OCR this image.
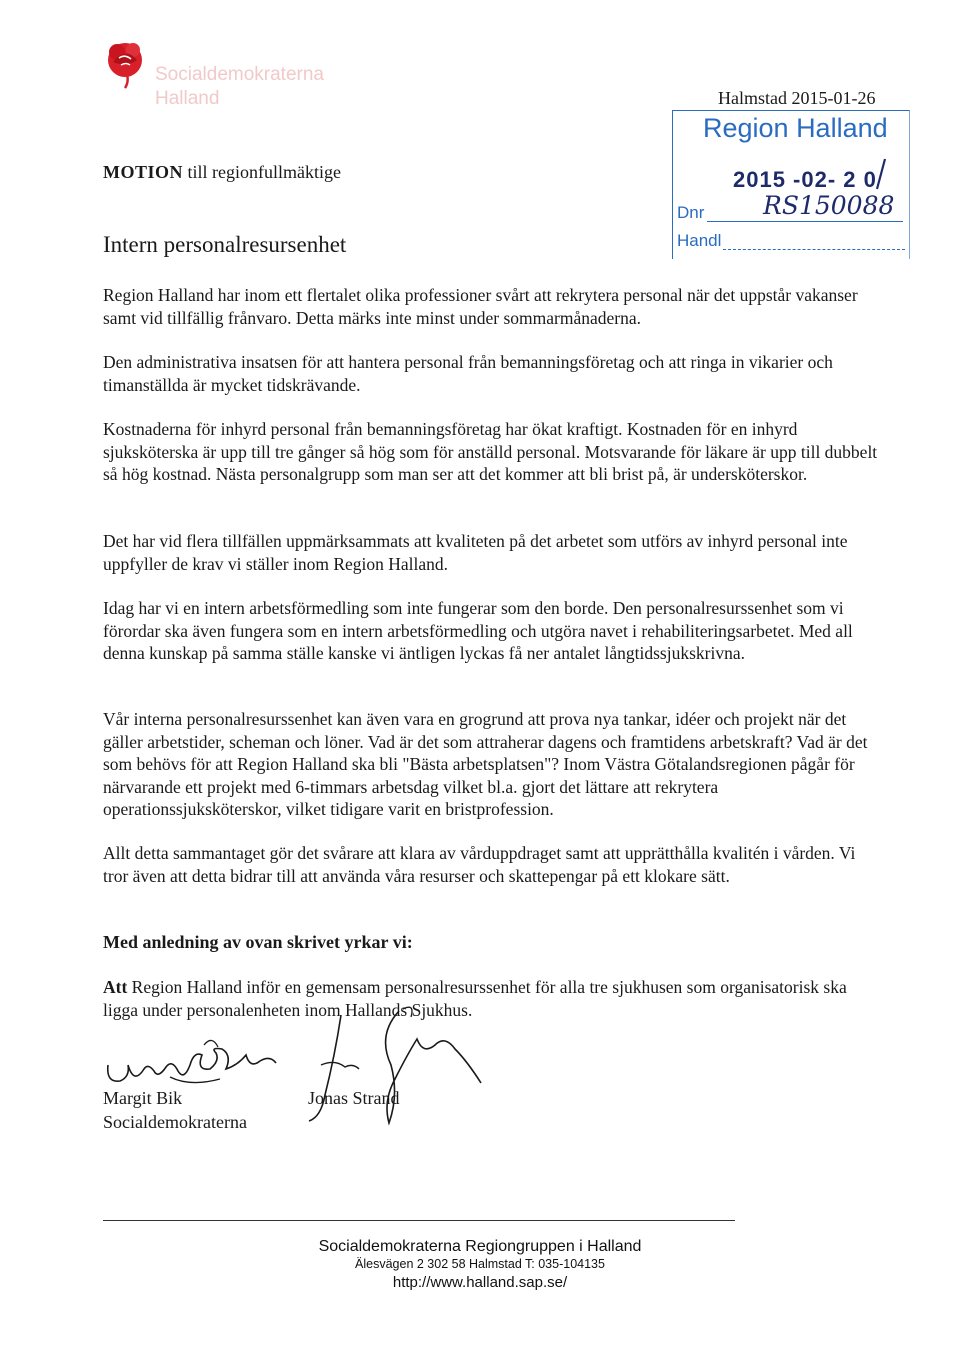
Socialdemokraterna
Halland	Halmstad 2015-01-26
Region Halland
2015 -02- 2 0
Dnr RS150088
Handl
MOTION till regionfullmäktige
Intern personalresursenhet

Region Halland har inom ett flertalet olika professioner svårt att rekrytera personal när det uppstår vakanser samt vid tillfällig frånvaro. Detta märks inte minst under sommarmånaderna.

Den administrativa insatsen för att hantera personal från bemanningsföretag och att ringa in vikarier och timanställda är mycket tidskrävande.

Kostnaderna för inhyrd personal från bemanningsföretag har ökat kraftigt. Kostnaden för en inhyrd sjuksköterska är upp till tre gånger så hög som för anställd personal. Motsvarande för läkare är upp till dubbelt så hög kostnad. Nästa personalgrupp som man ser att det kommer att bli brist på, är undersköterskor.

Det har vid flera tillfällen uppmärksammats att kvaliteten på det arbetet som utförs av inhyrd personal inte uppfyller de krav vi ställer inom Region Halland.

Idag har vi en intern arbetsförmedling som inte fungerar som den borde. Den personalresurssenhet som vi förordar ska även fungera som en intern arbetsförmedling och utgöra navet i rehabiliteringsarbetet. Med all denna kunskap på samma ställe kanske vi äntligen lyckas få ner antalet långtidssjukskrivna.

Vår interna personalresurssenhet kan även vara en grogrund att prova nya tankar, idéer och projekt när det gäller arbetstider, scheman och löner. Vad är det som attraherar dagens och framtidens arbetskraft? Vad är det som behövs för att Region Halland ska bli "Bästa arbetsplatsen"? Inom Västra Götalandsregionen pågår för närvarande ett projekt med 6-timmars arbetsdag vilket bl.a. gjort det lättare att rekrytera operationssjuksköterskor, vilket tidigare varit en bristprofession.

Allt detta sammantaget gör det svårare att klara av vårduppdraget samt att upprätthålla kvalitén i vården. Vi tror även att detta bidrar till att använda våra resurser och skattepengar på ett klokare sätt.

Med anledning av ovan skrivet yrkar vi:

Att Region Halland inför en gemensam personalresurssenhet för alla tre sjukhusen som organisatorisk ska ligga under personalenheten inom Hallands Sjukhus.

Margit Bik
Socialdemokraterna
Jonas Strand
Socialdemokraterna Regiongruppen i Halland
Älesvägen 2 302 58 Halmstad T: 035-104135
http://www.halland.sap.se/
